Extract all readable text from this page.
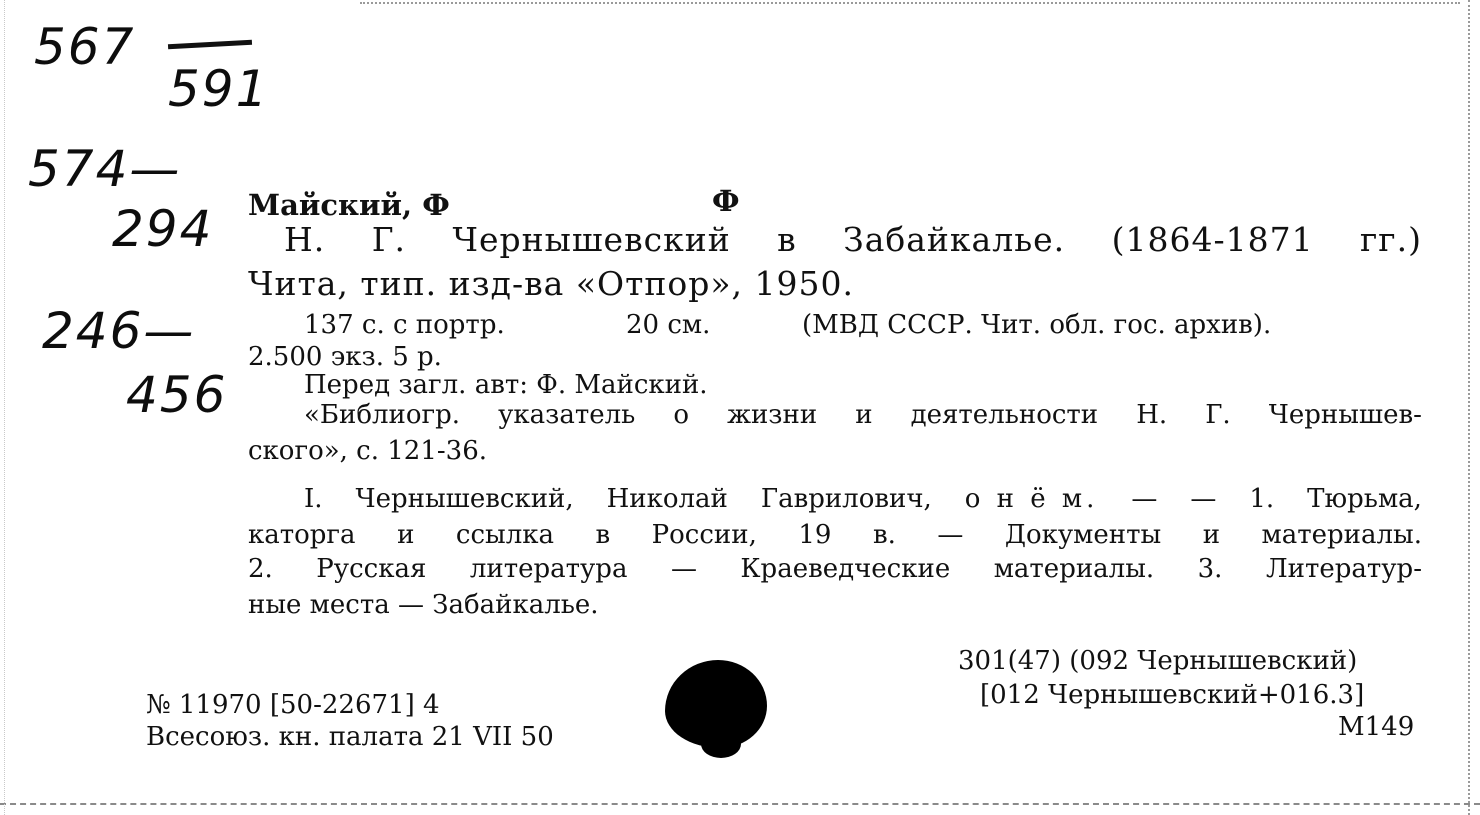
567
591
574—
294
246—
456
Майский, Ф	Ф
Н. Г. Чернышевский в Забайкалье. (1864-1871 гг.)
Чита, тип. изд-ва «Отпор», 1950.
137 с. с портр.	20 см.	(МВД СССР. Чит. обл. гос. архив).
2.500 экз. 5 р.
Перед загл. авт: Ф. Майский.
«Библиогр. указатель о жизни и деятельности Н. Г. Чернышев-
ского», с. 121-36.
I. Чернышевский, Николай Гаврилович, о н ё м. — — 1. Тюрьма,
каторга и ссылка в России, 19 в. — Документы и материалы.
2. Русская литература — Краеведческие материалы. 3. Литератур-
ные места — Забайкалье.
301(47) (092 Чернышевский)
[012 Чернышевский+016.3]
M149
№ 11970 [50-22671] 4
Всесоюз. кн. палата 21 VII 50
